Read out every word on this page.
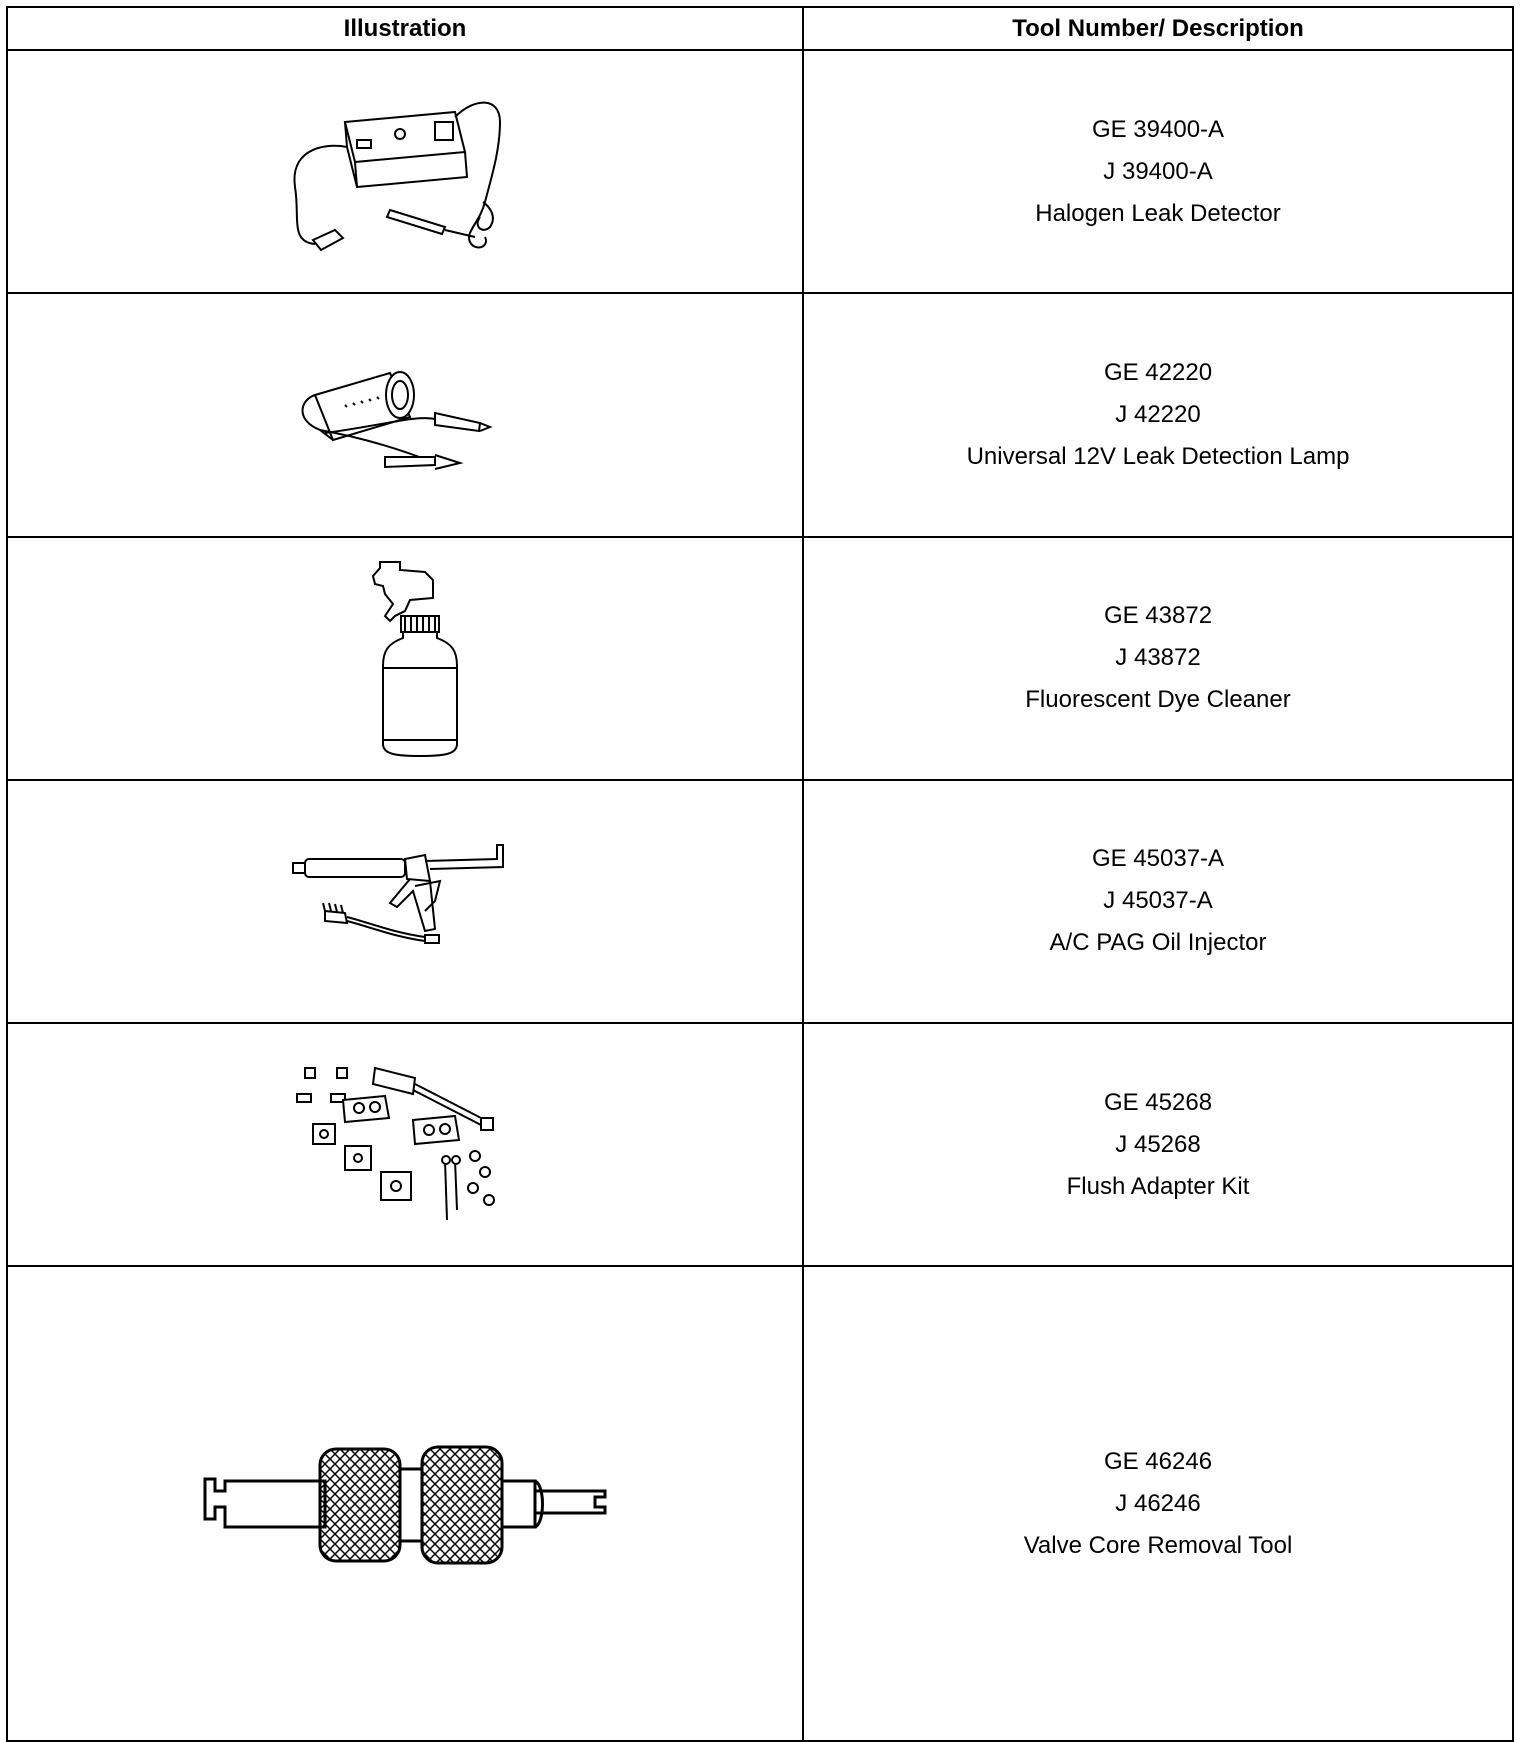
Illustration	Tool Number/ Description

GE 39400-A
J 39400-A
Halogen Leak Detector

GE 42220
J 42220
Universal 12V Leak Detection Lamp

GE 43872
J 43872
Fluorescent Dye Cleaner

GE 45037-A
J 45037-A
A/C PAG Oil Injector

GE 45268
J 45268
Flush Adapter Kit

GE 46246
J 46246
Valve Core Removal Tool
